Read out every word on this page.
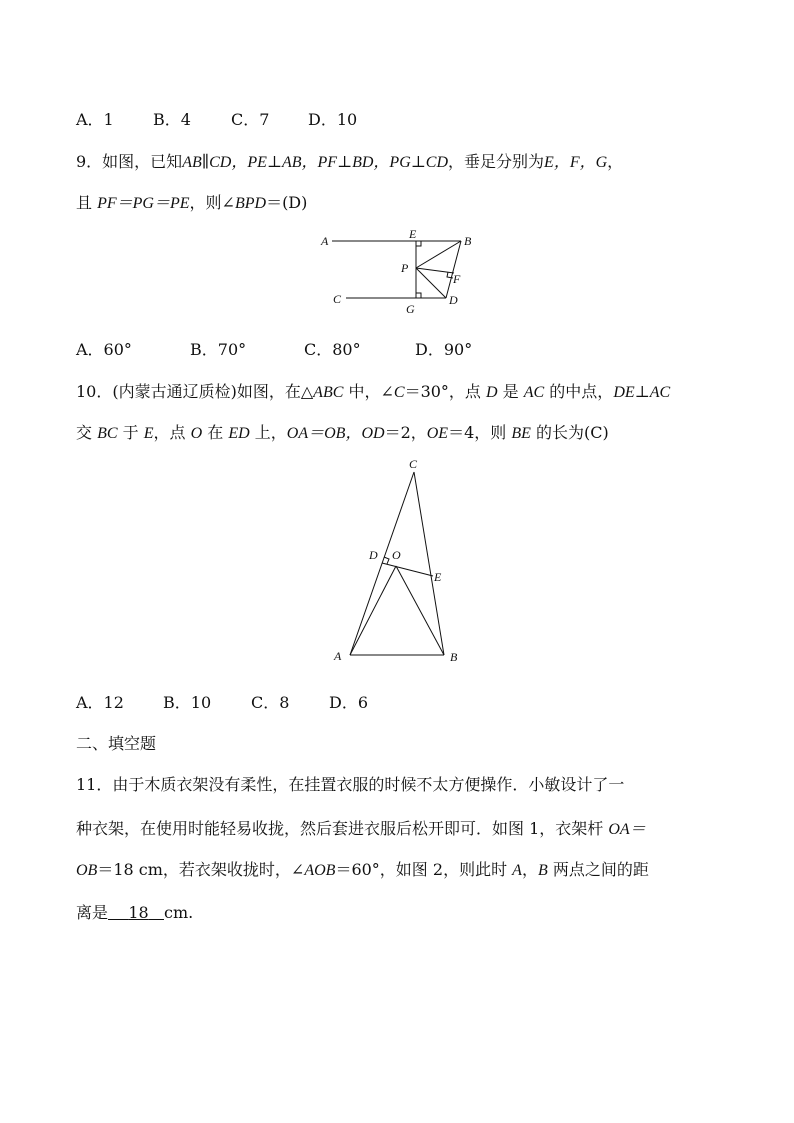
A．1 B．4	C．7 D．10
9．如图，已知AB∥CD，PE⊥AB，PF⊥BD，PG⊥CD，垂足分别为E，F，G，
且 PF＝PG＝PE，则∠BPD＝(D)
A	E	B
P
F
C	D
G
A．60°	B．70°	C．80°	D．90°
10．(内蒙古通辽质检)如图，在△ABC 中，∠C＝30°，点 D 是 AC 的中点，DE⊥AC
交 BC 于 E，点 O 在 ED 上，OA＝OB，OD＝2，OE＝4，则 BE 的长为(C)
C
D O
E
A	B
A．12 B．10 C．8 D．6
二、填空题
11．由于木质衣架没有柔性，在挂置衣服的时候不太方便操作．小敏设计了一
种衣架，在使用时能轻易收拢，然后套进衣服后松开即可．如图 1，衣架杆 OA＝
OB＝18 cm，若衣架收拢时，∠AOB＝60°，如图 2，则此时 A，B 两点之间的距
离是 18 cm.
